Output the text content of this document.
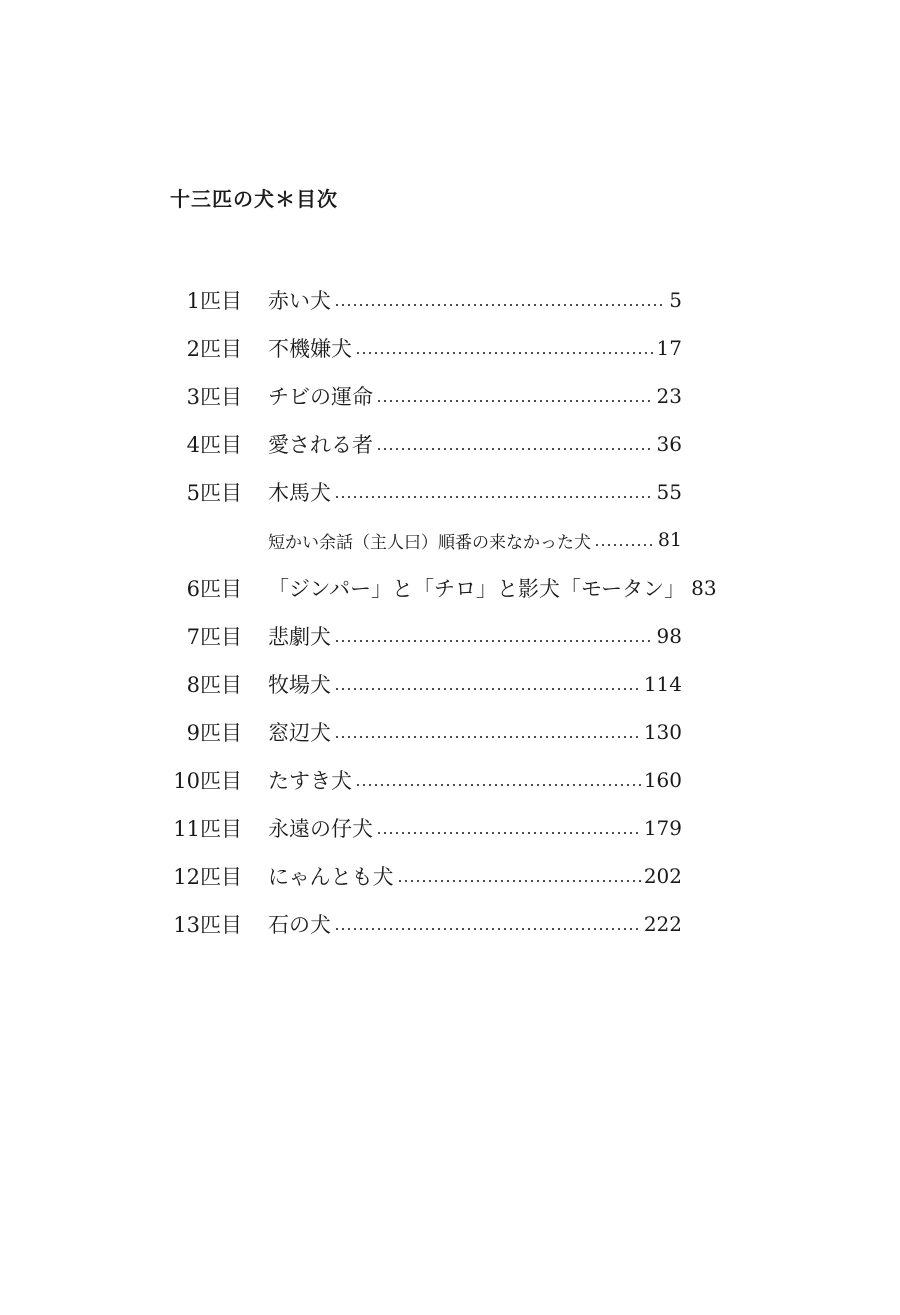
十三匹の犬＊目次
1匹目 赤い犬	5
2匹目 不機嫌犬	17
3匹目 チビの運命	23
4匹目 愛される者	36
5匹目 木馬犬	55
短かい余話（主人曰）順番の来なかった犬	81
6匹目 「ジンパー」と「チロ」と影犬「モータン」 83
7匹目 悲劇犬	98
8匹目 牧場犬	114
9匹目 窓辺犬	130
10匹目 たすき犬	160
11匹目 永遠の仔犬	179
12匹目 にゃんとも犬	202
13匹目 石の犬	222
